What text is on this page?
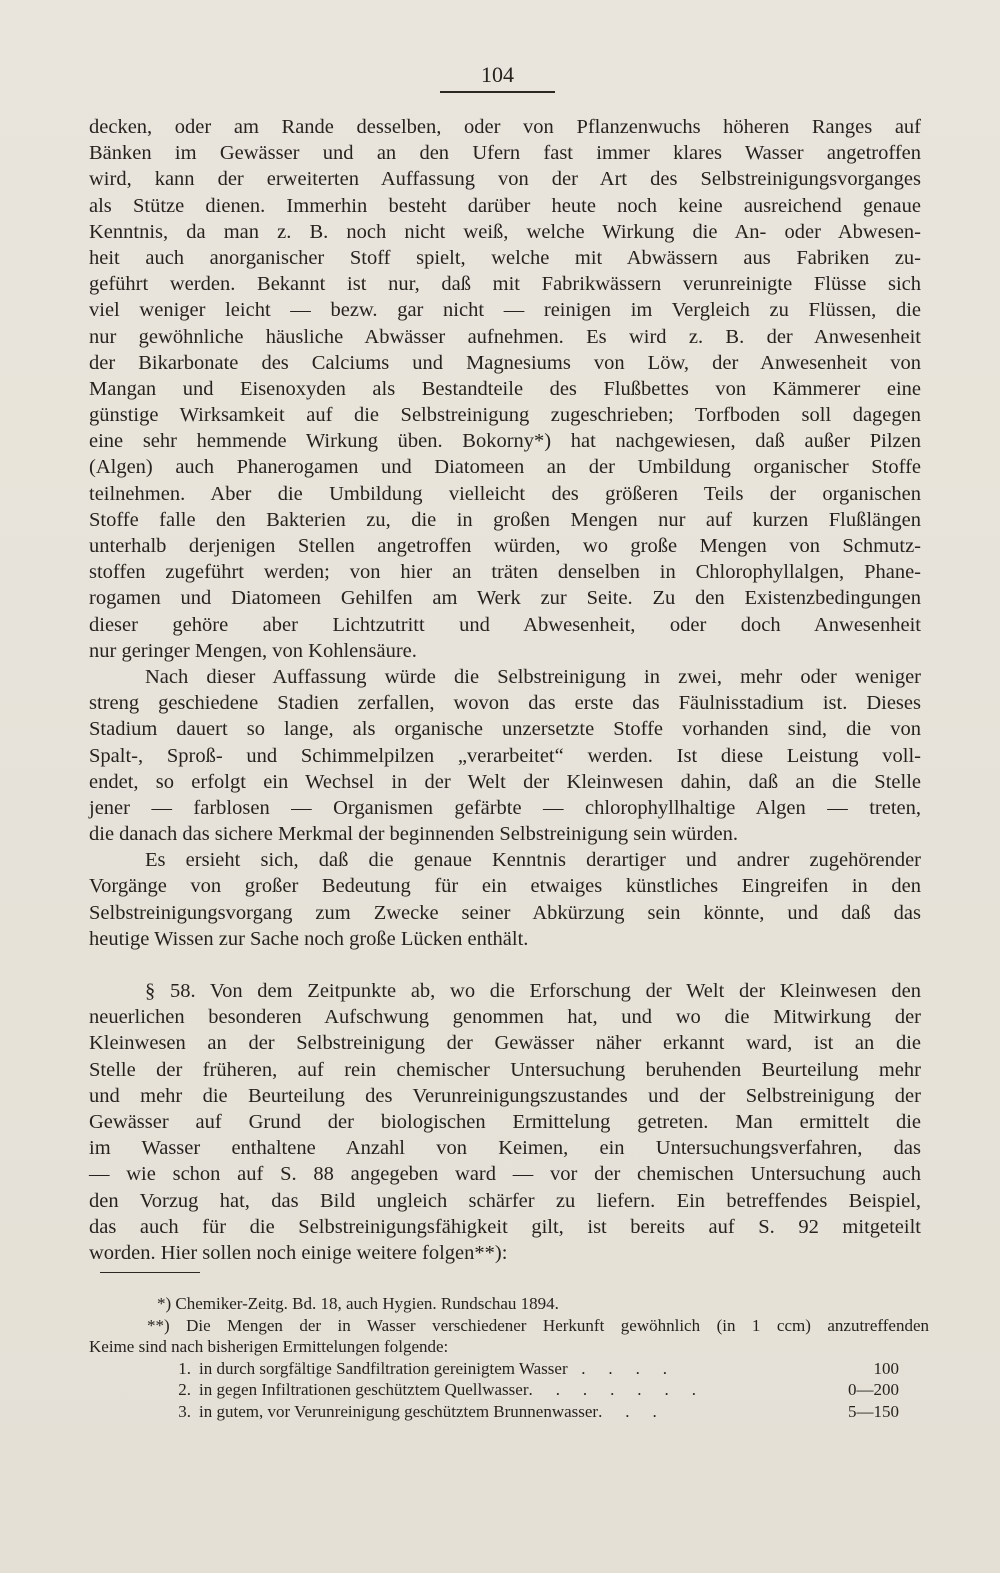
104
decken, oder am Rande desselben, oder von Pflanzenwuchs höheren Ranges auf
Bänken im Gewässer und an den Ufern fast immer klares Wasser angetroffen
wird, kann der erweiterten Auffassung von der Art des Selbstreinigungsvorganges
als Stütze dienen. Immerhin besteht darüber heute noch keine ausreichend genaue
Kenntnis, da man z. B. noch nicht weiß, welche Wirkung die An- oder Abwesen-
heit auch anorganischer Stoff spielt, welche mit Abwässern aus Fabriken zu-
geführt werden. Bekannt ist nur, daß mit Fabrikwässern verunreinigte Flüsse sich
viel weniger leicht — bezw. gar nicht — reinigen im Vergleich zu Flüssen, die
nur gewöhnliche häusliche Abwässer aufnehmen. Es wird z. B. der Anwesenheit
der Bikarbonate des Calciums und Magnesiums von Löw, der Anwesenheit von
Mangan und Eisenoxyden als Bestandteile des Flußbettes von Kämmerer eine
günstige Wirksamkeit auf die Selbstreinigung zugeschrieben; Torfboden soll dagegen
eine sehr hemmende Wirkung üben. Bokorny*) hat nachgewiesen, daß außer Pilzen
(Algen) auch Phanerogamen und Diatomeen an der Umbildung organischer Stoffe
teilnehmen. Aber die Umbildung vielleicht des größeren Teils der organischen
Stoffe falle den Bakterien zu, die in großen Mengen nur auf kurzen Flußlängen
unterhalb derjenigen Stellen angetroffen würden, wo große Mengen von Schmutz-
stoffen zugeführt werden; von hier an träten denselben in Chlorophyllalgen, Phane-
rogamen und Diatomeen Gehilfen am Werk zur Seite. Zu den Existenzbedingungen
dieser gehöre aber Lichtzutritt und Abwesenheit, oder doch Anwesenheit
nur geringer Mengen, von Kohlensäure.
Nach dieser Auffassung würde die Selbstreinigung in zwei, mehr oder weniger
streng geschiedene Stadien zerfallen, wovon das erste das Fäulnisstadium ist. Dieses
Stadium dauert so lange, als organische unzersetzte Stoffe vorhanden sind, die von
Spalt-, Sproß- und Schimmelpilzen „verarbeitet“ werden. Ist diese Leistung voll-
endet, so erfolgt ein Wechsel in der Welt der Kleinwesen dahin, daß an die Stelle
jener — farblosen — Organismen gefärbte — chlorophyllhaltige Algen — treten,
die danach das sichere Merkmal der beginnenden Selbstreinigung sein würden.
Es ersieht sich, daß die genaue Kenntnis derartiger und andrer zugehörender
Vorgänge von großer Bedeutung für ein etwaiges künstliches Eingreifen in den
Selbstreinigungsvorgang zum Zwecke seiner Abkürzung sein könnte, und daß das
heutige Wissen zur Sache noch große Lücken enthält.
§ 58. Von dem Zeitpunkte ab, wo die Erforschung der Welt der Kleinwesen den
neuerlichen besonderen Aufschwung genommen hat, und wo die Mitwirkung der
Kleinwesen an der Selbstreinigung der Gewässer näher erkannt ward, ist an die
Stelle der früheren, auf rein chemischer Untersuchung beruhenden Beurteilung mehr
und mehr die Beurteilung des Verunreinigungszustandes und der Selbstreinigung der
Gewässer auf Grund der biologischen Ermittelung getreten. Man ermittelt die
im Wasser enthaltene Anzahl von Keimen, ein Untersuchungsverfahren, das
— wie schon auf S. 88 angegeben ward — vor der chemischen Untersuchung auch
den Vorzug hat, das Bild ungleich schärfer zu liefern. Ein betreffendes Beispiel,
das auch für die Selbstreinigungsfähigkeit gilt, ist bereits auf S. 92 mitgeteilt
worden. Hier sollen noch einige weitere folgen**):
*) Chemiker-Zeitg. Bd. 18, auch Hygien. Rundschau 1894.
**) Die Mengen der in Wasser verschiedener Herkunft gewöhnlich (in 1 ccm) anzutreffenden
Keime sind nach bisherigen Ermittelungen folgende:
1. in durch sorgfältige Sandfiltration gereinigtem Wasser . . . .	100
2. in gegen Infiltrationen geschütztem Quellwasser. . . . . . .	0—200
3. in gutem, vor Verunreinigung geschütztem Brunnenwasser. . .	5—150
